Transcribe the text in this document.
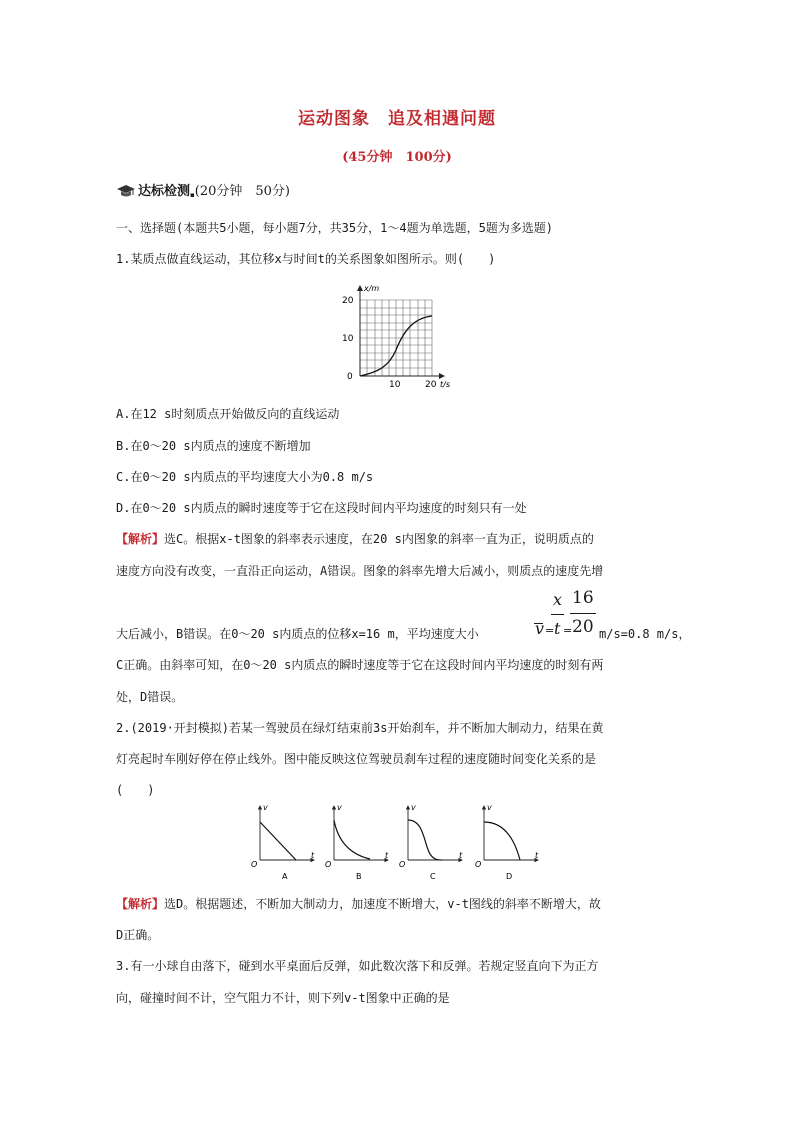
运动图象　追及相遇问题
(45分钟　100分)
达标检测▪(20分钟　50分)
一、选择题(本题共5小题，每小题7分，共35分，1～4题为单选题，5题为多选题)
1.某质点做直线运动，其位移x与时间t的关系图象如图所示。则(　　)
x/m
20
10
0
10	20 t/s
A.在12 s时刻质点开始做反向的直线运动
B.在0～20 s内质点的速度不断增加
C.在0～20 s内质点的平均速度大小为0.8 m/s
D.在0～20 s内质点的瞬时速度等于它在这段时间内平均速度的时刻只有一处
【解析】选C。根据x-t图象的斜率表示速度，在20 s内图象的斜率一直为正，说明质点的
速度方向没有改变，一直沿正向运动，A错误。图象的斜率先增大后减小，则质点的速度先增
大后减小，B错误。在0～20 s内质点的位移x=16 m，平均速度大小	v =
x
t =
16
20 m/s=0.8 m/s，
C正确。由斜率可知，在0～20 s内质点的瞬时速度等于它在这段时间内平均速度的时刻有两
处，D错误。
2.(2019·开封模拟)若某一驾驶员在绿灯结束前3s开始刹车，并不断加大制动力，结果在黄
灯亮起时车刚好停在停止线外。图中能反映这位驾驶员刹车过程的速度随时间变化关系的是
(　　)
v
O
t
A
v
O
t
B
v
O
t
C
v
O
t
D
【解析】选D。根据题述，不断加大制动力，加速度不断增大，v-t图线的斜率不断增大，故
D正确。
3.有一小球自由落下，碰到水平桌面后反弹，如此数次落下和反弹。若规定竖直向下为正方
向，碰撞时间不计，空气阻力不计，则下列v-t图象中正确的是
